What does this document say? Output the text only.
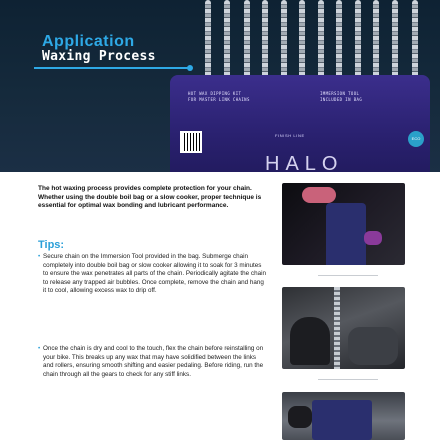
Application
Waxing Process
HOT WAX DIPPING KIT
FOR MASTER LINK CHAINS
IMMERSION TOOL
INCLUDED IN BAG
FINISH LINE
HALO
ECO

The hot waxing process provides complete protection for your chain. Whether using the double boil bag or a slow cooker, proper technique is essential for optimal wax bonding and lubricant performance.

Tips:
• Secure chain on the Immersion Tool provided in the bag. Submerge chain completely into double boil bag or slow cooker allowing it to soak for 3 minutes to ensure the wax penetrates all parts of the chain. Periodically agitate the chain to release any trapped air bubbles. Once complete, remove the chain and hang it to cool, allowing excess wax to drip off.
• Once the chain is dry and cool to the touch, flex the chain before reinstalling on your bike. This breaks up any wax that may have solidified between the links and rollers, ensuring smooth shifting and easier pedaling. Before riding, run the chain through all the gears to check for any stiff links.
